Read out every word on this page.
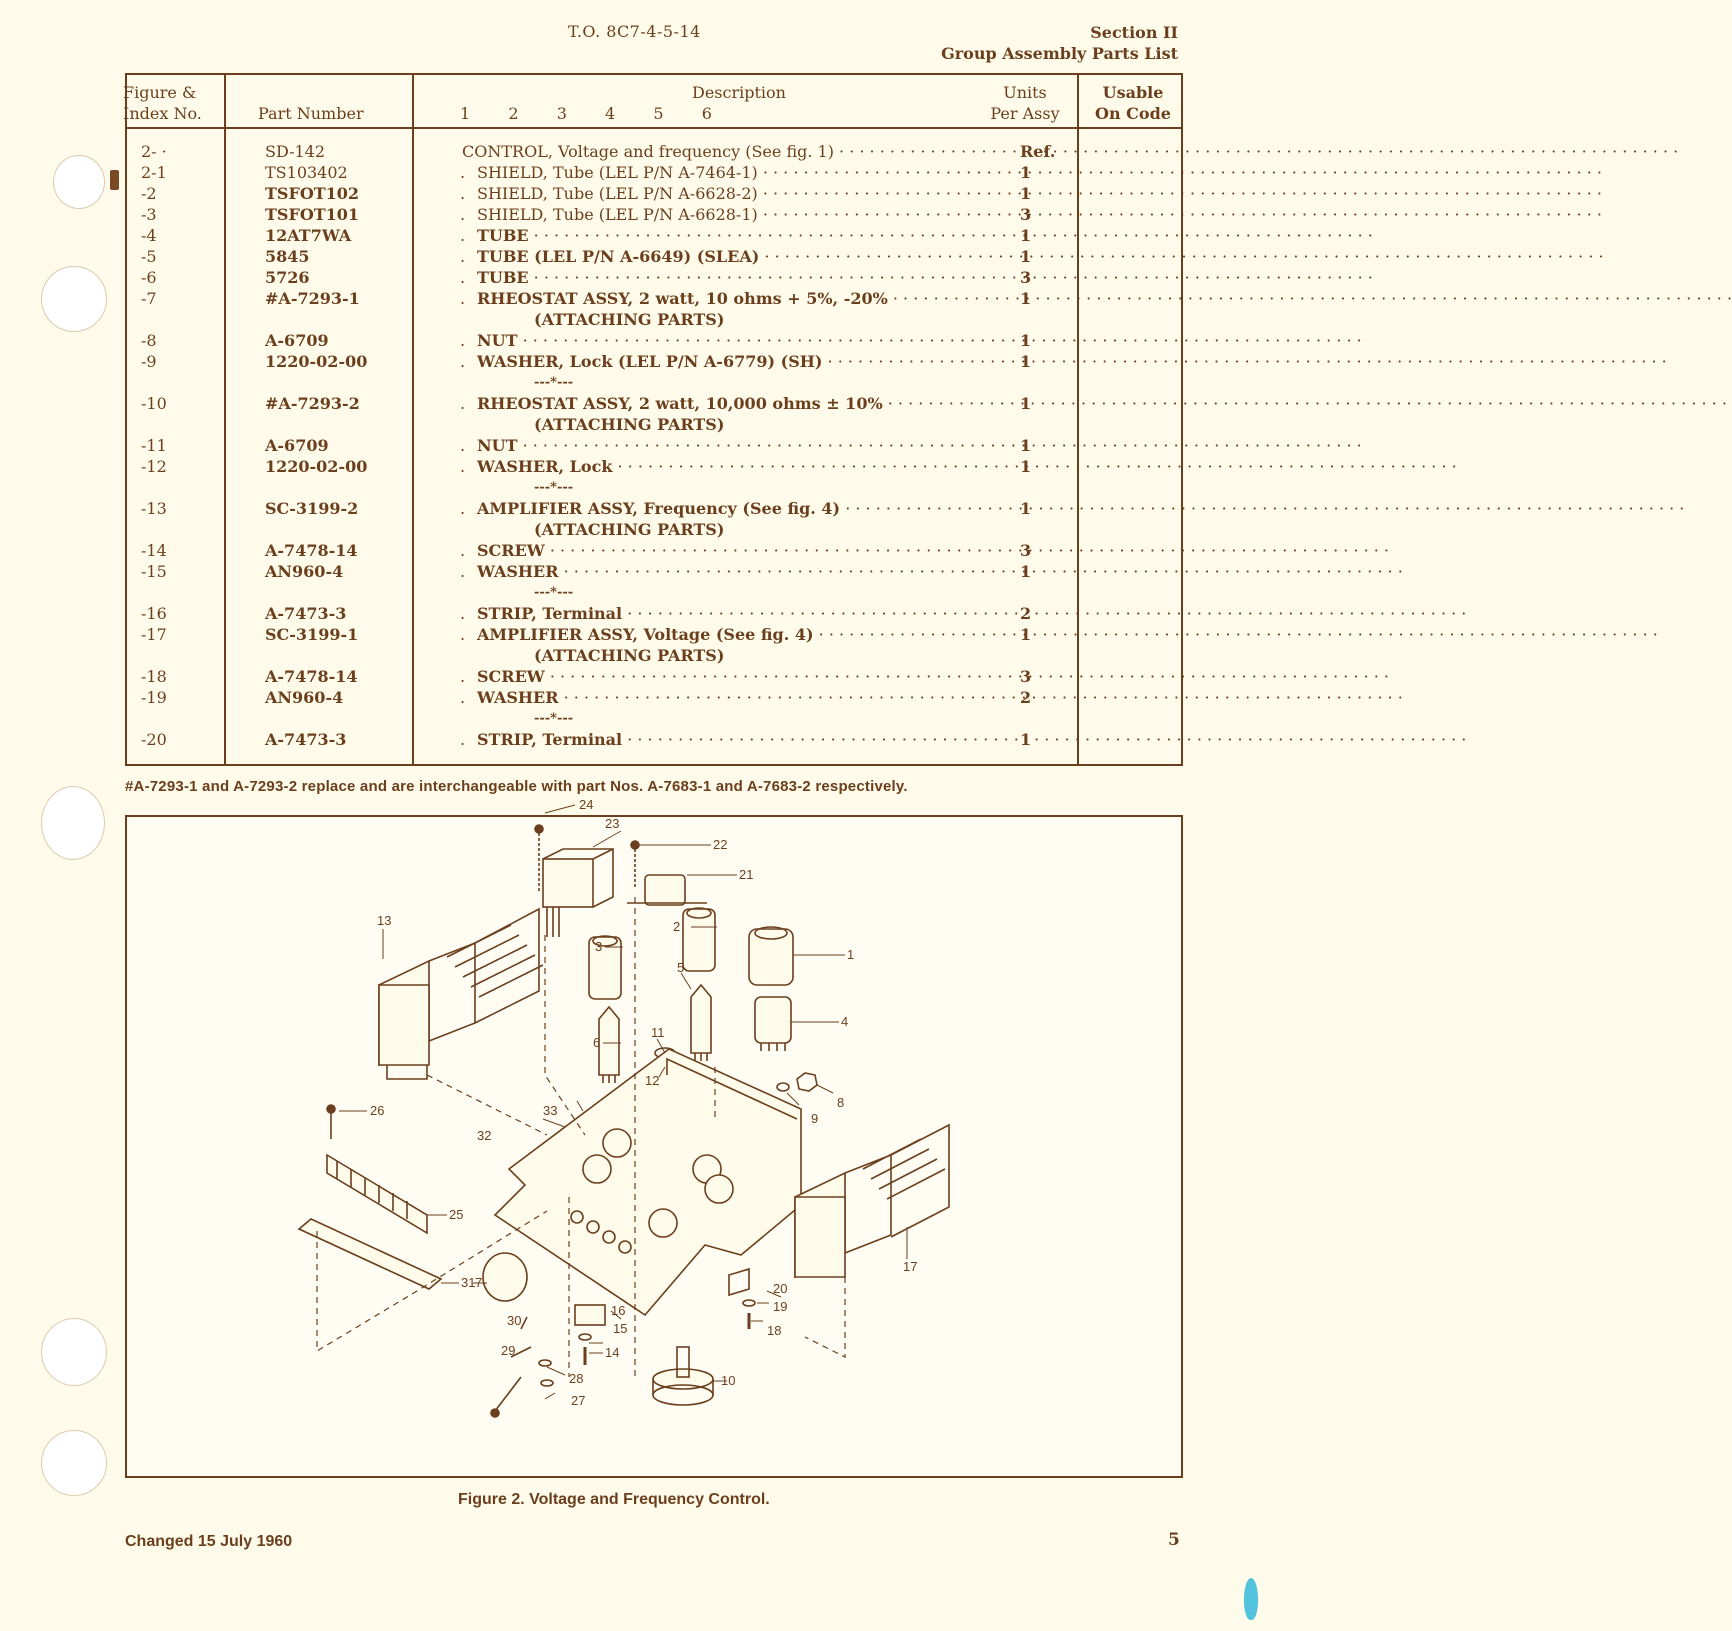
T.O. 8C7-4-5-14	Section II
Group Assembly Parts List
Figure &
Index No.	Part Number
Description
1  2  3  4  5  6
Units
Per Assy
Usable
On Code
2- ·	SD-142	CONTROL, Voltage and frequency (See fig. 1) · · ·	Ref.
2-1	TS103402	. SHIELD, Tube (LEL P/N A-7464-1) · · ·	1
-2	TSFOT102	. SHIELD, Tube (LEL P/N A-6628-2) · · ·	1
-3	TSFOT101	. SHIELD, Tube (LEL P/N A-6628-1) · · ·	3
-4	12AT7WA	. TUBE · · ·	1
-5	5845	. TUBE (LEL P/N A-6649) (SLEA) · · ·	1
-6	5726	. TUBE · · ·	3
-7	#A-7293-1	. RHEOSTAT ASSY, 2 watt, 10 ohms + 5%, -20% · · ·	1
(ATTACHING PARTS)
-8	A-6709	. NUT · · ·	1
-9	1220-02-00	. WASHER, Lock (LEL P/N A-6779) (SH) · · ·	1
---*---
-10	#A-7293-2	. RHEOSTAT ASSY, 2 watt, 10,000 ohms ± 10% · · ·	1
(ATTACHING PARTS)
-11	A-6709	. NUT · · ·	1
-12	1220-02-00	. WASHER, Lock · · ·	1
---*---
-13	SC-3199-2	. AMPLIFIER ASSY, Frequency (See fig. 4) · · ·	1
(ATTACHING PARTS)
-14	A-7478-14	. SCREW · · ·	3
-15	AN960-4	. WASHER · · ·	1
---*---
-16	A-7473-3	. STRIP, Terminal · · ·	2
-17	SC-3199-1	. AMPLIFIER ASSY, Voltage (See fig. 4) · · ·	1
(ATTACHING PARTS)
-18	A-7478-14	. SCREW · · ·	3
-19	AN960-4	. WASHER · · ·	2
---*---
-20	A-7473-3	. STRIP, Terminal · · ·	1
#A-7293-1 and A-7293-2 replace and are interchangeable with part Nos. A-7683-1 and A-7683-2 respectively.
24
23
22
21
1
3
2
4
5
6
11
12
13
8
9
33
26
32
25
31 7
16
15
14
30
29
28
27
10
20
19
18
17
Figure 2. Voltage and Frequency Control.
Changed 15 July 1960	5
